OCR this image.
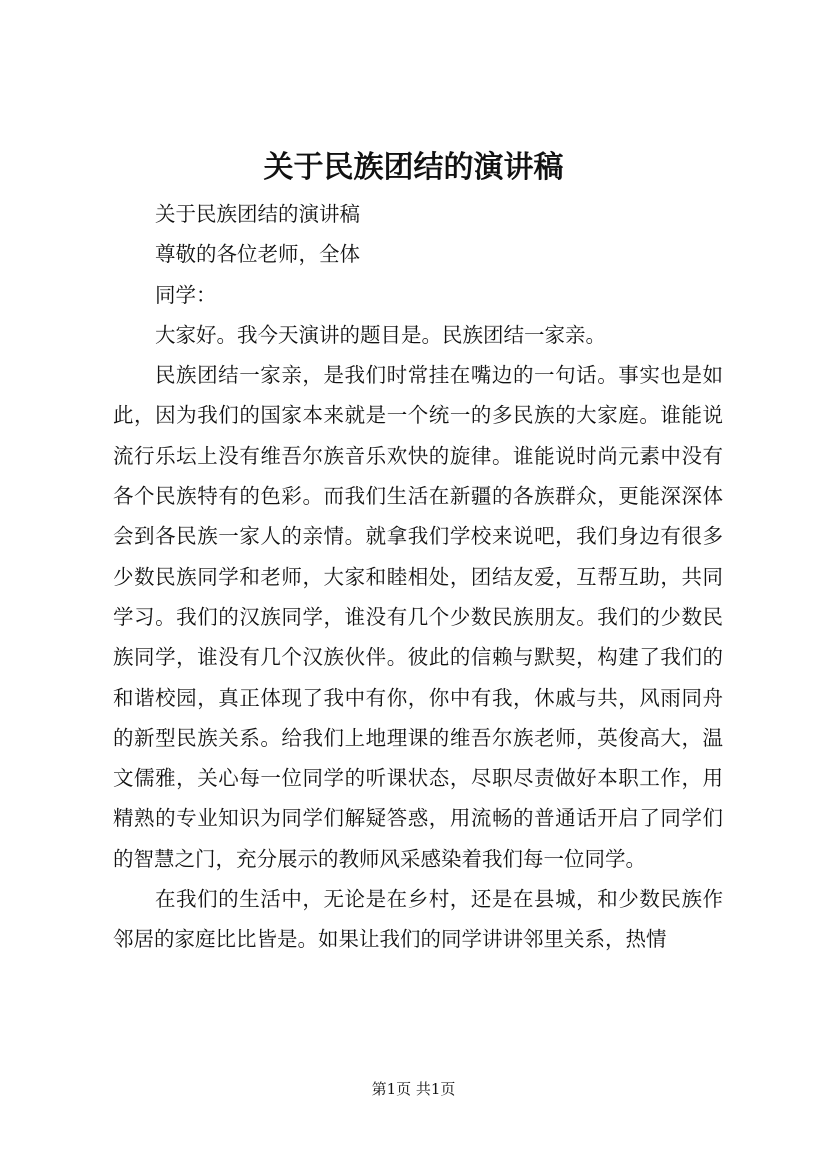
关于民族团结的演讲稿

关于民族团结的演讲稿

尊敬的各位老师，全体

同学：

大家好。我今天演讲的题目是。民族团结一家亲。

民族团结一家亲，是我们时常挂在嘴边的一句话。事实也是如此，因为我们的国家本来就是一个统一的多民族的大家庭。谁能说流行乐坛上没有维吾尔族音乐欢快的旋律。谁能说时尚元素中没有各个民族特有的色彩。而我们生活在新疆的各族群众，更能深深体会到各民族一家人的亲情。就拿我们学校来说吧，我们身边有很多少数民族同学和老师，大家和睦相处，团结友爱，互帮互助，共同学习。我们的汉族同学，谁没有几个少数民族朋友。我们的少数民族同学，谁没有几个汉族伙伴。彼此的信赖与默契，构建了我们的和谐校园，真正体现了我中有你，你中有我，休戚与共，风雨同舟的新型民族关系。给我们上地理课的维吾尔族老师，英俊高大，温文儒雅，关心每一位同学的听课状态，尽职尽责做好本职工作，用精熟的专业知识为同学们解疑答惑，用流畅的普通话开启了同学们的智慧之门，充分展示的教师风采感染着我们每一位同学。

在我们的生活中，无论是在乡村，还是在县城，和少数民族作邻居的家庭比比皆是。如果让我们的同学讲讲邻里关系，热情

第1页 共1页
